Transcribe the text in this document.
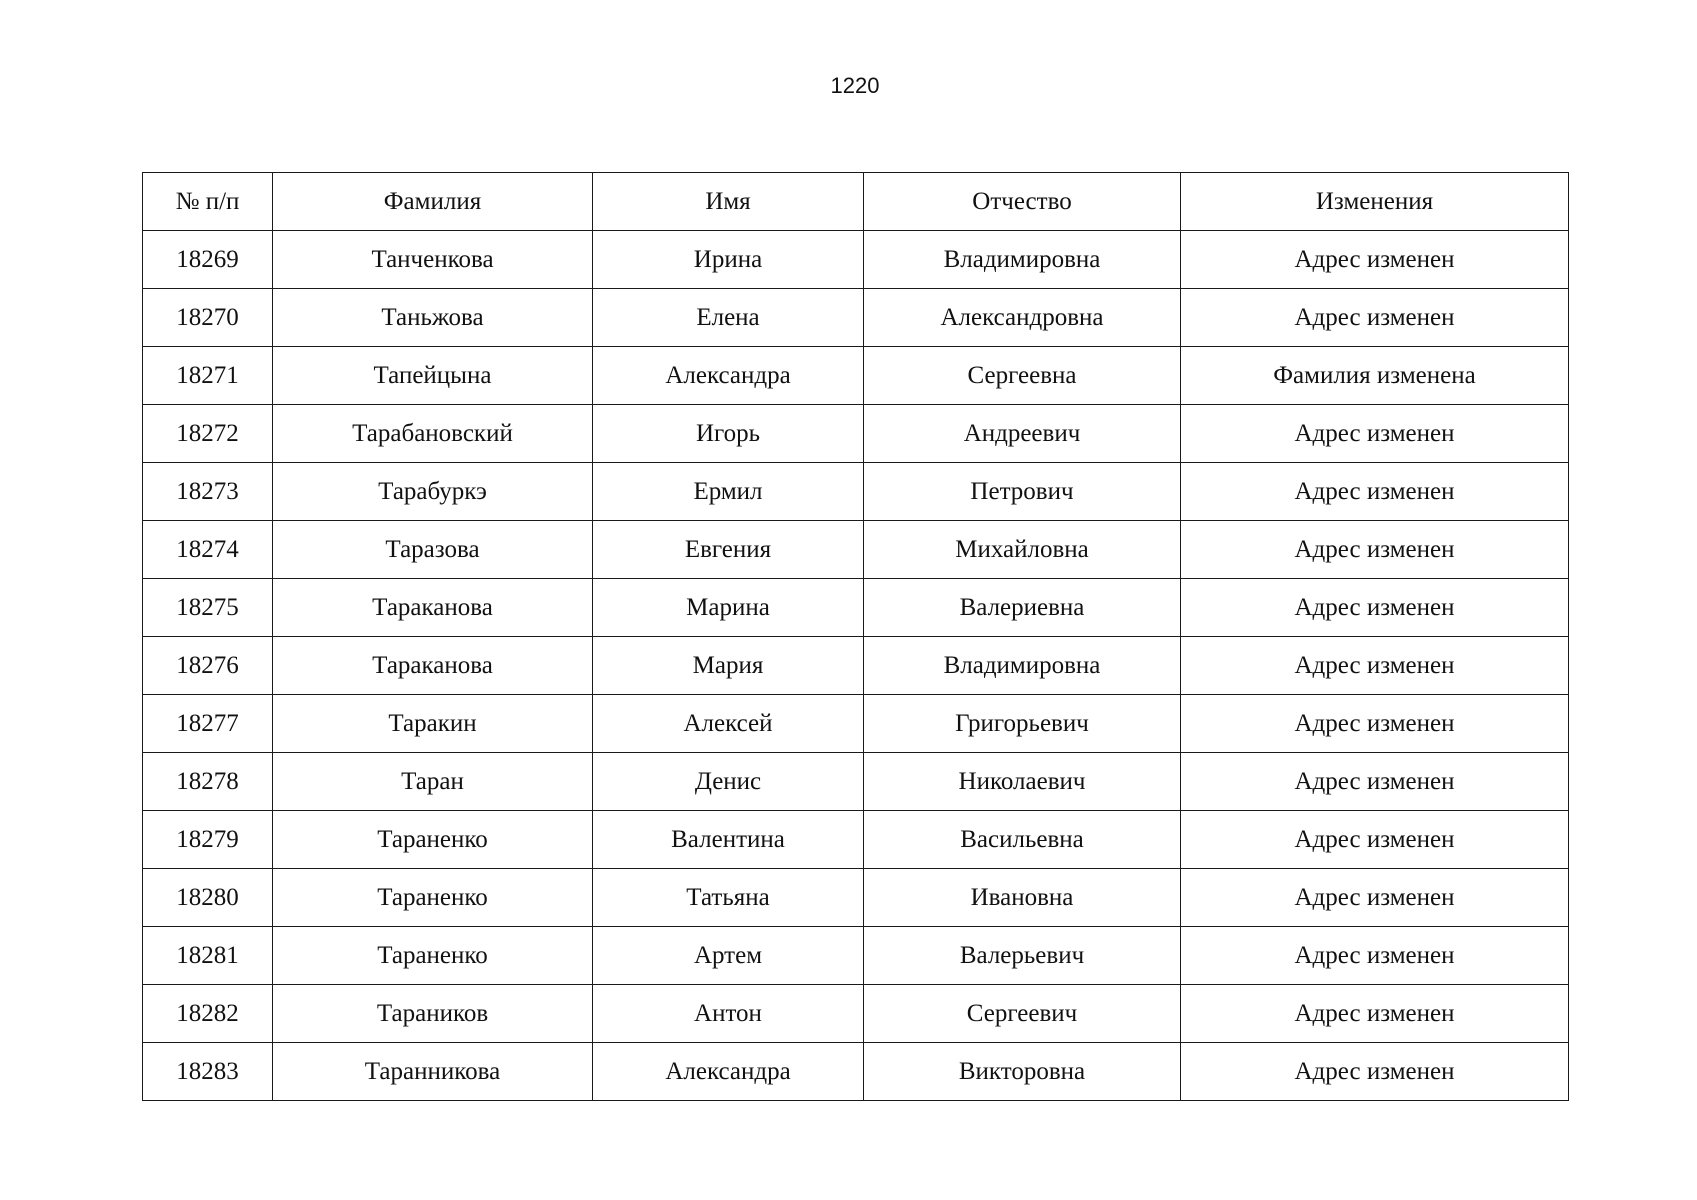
1220
№ п/п	Фамилия	Имя	Отчество	Изменения
18269	Танченкова	Ирина	Владимировна	Адрес изменен
18270	Таньжова	Елена	Александровна	Адрес изменен
18271	Тапейцына	Александра	Сергеевна	Фамилия изменена
18272	Тарабановский	Игорь	Андреевич	Адрес изменен
18273	Тарабуркэ	Ермил	Петрович	Адрес изменен
18274	Таразова	Евгения	Михайловна	Адрес изменен
18275	Тараканова	Марина	Валериевна	Адрес изменен
18276	Тараканова	Мария	Владимировна	Адрес изменен
18277	Таракин	Алексей	Григорьевич	Адрес изменен
18278	Таран	Денис	Николаевич	Адрес изменен
18279	Тараненко	Валентина	Васильевна	Адрес изменен
18280	Тараненко	Татьяна	Ивановна	Адрес изменен
18281	Тараненко	Артем	Валерьевич	Адрес изменен
18282	Тараников	Антон	Сергеевич	Адрес изменен
18283	Таранникова	Александра	Викторовна	Адрес изменен
